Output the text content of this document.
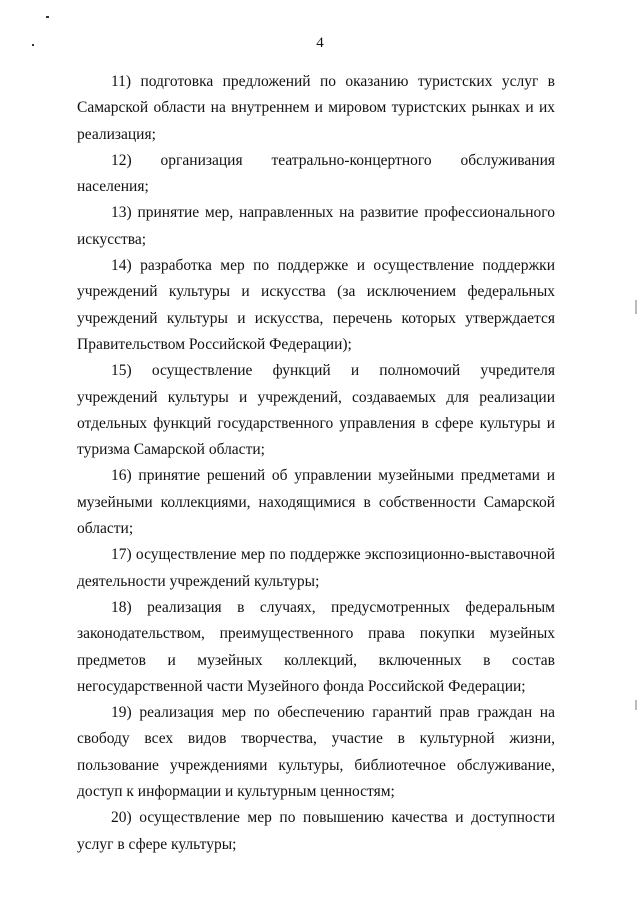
4

11) подготовка предложений по оказанию туристских услуг в Самарской области на внутреннем и мировом туристских рынках и их реализация;

12) организация театрально-концертного обслуживания населения;

13) принятие мер, направленных на развитие профессионального искусства;

14) разработка мер по поддержке и осуществление поддержки учреждений культуры и искусства (за исключением федеральных учреждений культуры и искусства, перечень которых утверждается Правительством Российской Федерации);

15) осуществление функций и полномочий учредителя учреждений культуры и учреждений, создаваемых для реализации отдельных функций государственного управления в сфере культуры и туризма Самарской области;

16) принятие решений об управлении музейными предметами и музейными коллекциями, находящимися в собственности Самарской области;

17) осуществление мер по поддержке экспозиционно-выставочной деятельности учреждений культуры;

18) реализация в случаях, предусмотренных федеральным законодательством, преимущественного права покупки музейных предметов и музейных коллекций, включенных в состав негосударственной части Музейного фонда Российской Федерации;

19) реализация мер по обеспечению гарантий прав граждан на свободу всех видов творчества, участие в культурной жизни, пользование учреждениями культуры, библиотечное обслуживание, доступ к информации и культурным ценностям;

20) осуществление мер по повышению качества и доступности услуг в сфере культуры;
